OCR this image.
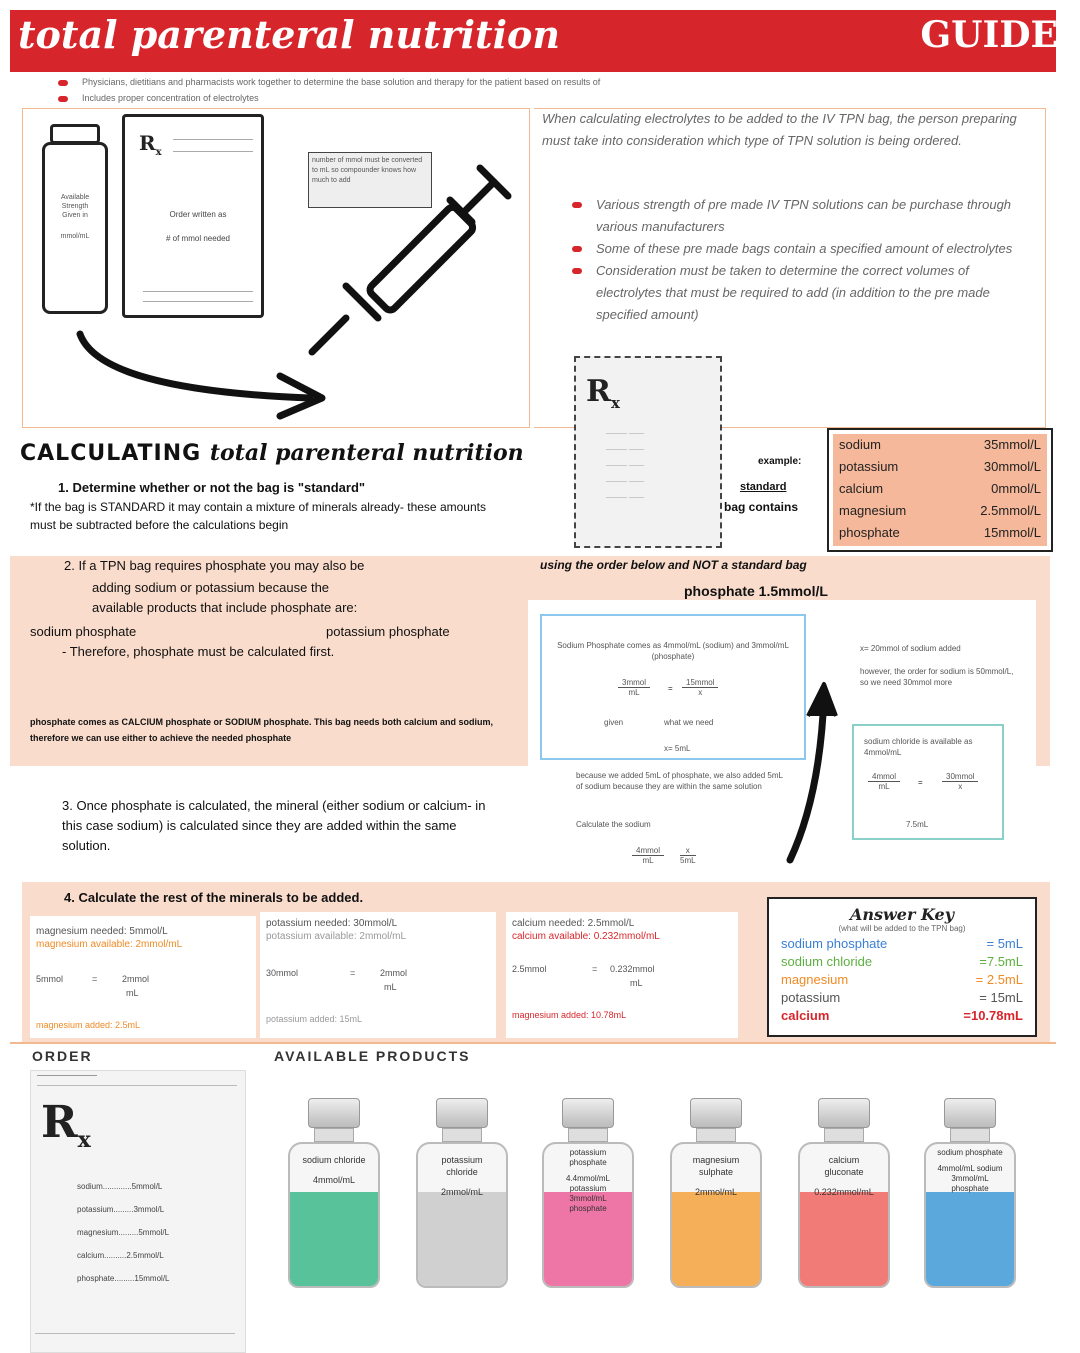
total parenteral nutrition	GUIDE
Physicians, dietitians and pharmacists work together to determine the base solution and therapy for the patient based on results of
Includes proper concentration of electrolytes
Available
Strength
Given in
mmol/mL
$R_x$
Order written as
# of mmol needed
number of mmol must be converted to mL so compounder knows how much to add
When calculating electrolytes to be added to the IV TPN bag, the person preparing must take into consideration which type of TPN solution is being ordered.
Various strength of pre made IV TPN solutions can be purchase through various manufacturers
Some of these pre made bags contain a specified amount of electrolytes
Consideration must be taken to determine the correct volumes of electrolytes that must be required to add (in addition to the pre made specified amount)
CALCULATING total parenteral nutrition
1. Determine whether or not the bag is "standard"
*If the bag is STANDARD it may contain a mixture of minerals already- these amounts must be subtracted before the calculations begin
example:
standard
bag contains
2. If a TPN bag requires phosphate you may also be
adding sodium or potassium because the
available products that include phosphate are:
sodium phosphate	potassium phosphate
- Therefore, phosphate must be calculated first.
phosphate comes as CALCIUM phosphate or SODIUM phosphate. This bag needs both calcium and sodium, therefore we can use either to achieve the needed phosphate
using the order below and NOT a standard bag
phosphate 1.5mmol/L
$R_x$
————· ———
————· ———
————· ———
————· ———
————· ———
sodium	35mmol/L
potassium	30mmol/L
calcium	0mmol/L
magnesium	2.5mmol/L
phosphate	15mmol/L
Sodium Phosphate comes as 4mmol/mL (sodium) and 3mmol/mL (phosphate)
3mmol
mL	=
15mmol
x
given	what we need
x= 5mL
because we added 5mL of phosphate, we also added 5mL of sodium because they are within the same solution
Calculate the sodium
4mmol
mL	$\frac{x}{5mL}$
x= 20mmol of sodium added
however, the order for sodium is 50mmol/L, so we need 30mmol more
sodium chloride is available as 4mmol/mL
4mmol
mL	=
30mmol
x
7.5mL
3. Once phosphate is calculated, the mineral (either sodium or calcium- in this case sodium) is calculated since they are added within the same solution.
4. Calculate the rest of the minerals to be added.
magnesium needed: 5mmol/L
magnesium available: 2mmol/mL
5mmol	=	2mmol
mL
magnesium added: 2.5mL
potassium needed: 30mmol/L
potassium available: 2mmol/mL
30mmol	=	2mmol
mL
potassium added: 15mL
calcium needed: 2.5mmol/L
calcium available: 0.232mmol/mL
2.5mmol	= 0.232mmol
mL
magnesium added: 10.78mL
Answer Key
(what will be added to the TPN bag)
sodium phosphate	= 5mL
sodium chloride	=7.5mL
magnesium	= 2.5mL
potassium	= 15mL
calcium	=10.78mL
ORDER	AVAILABLE PRODUCTS
$R_x$
sodium.............5mmol/L
potassium.........3mmol/L
magnesium.........5mmol/L
calcium..........2.5mmol/L
phosphate.........15mmol/L
sodium chloride
4mmol/mL
potassium chloride
2mmol/mL
potassium phosphate
4.4mmol/mL potassium 3mmol/mL phosphate
magnesium sulphate
2mmol/mL
calcium gluconate
0.232mmol/mL
sodium phosphate
4mmol/mL sodium 3mmol/mL phosphate
